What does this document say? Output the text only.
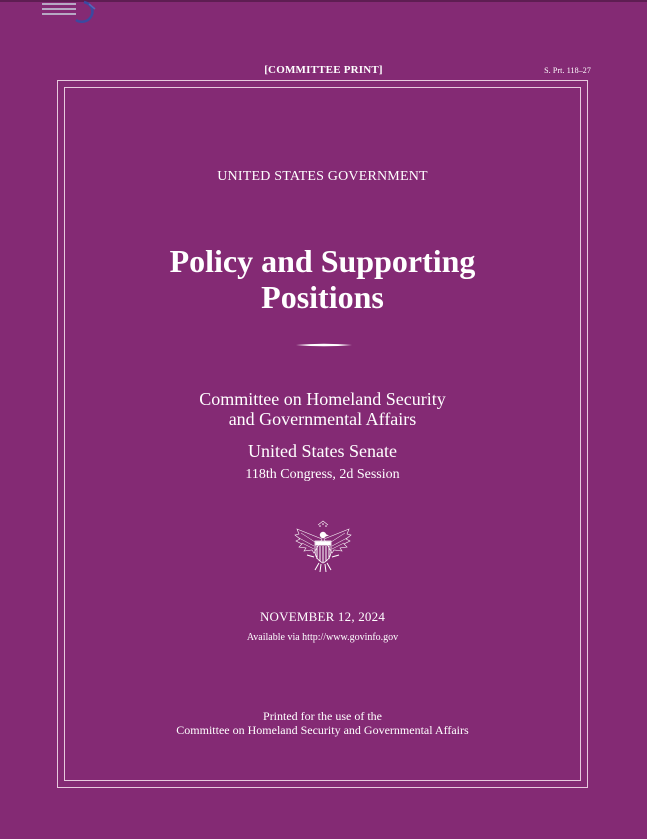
[COMMITTEE PRINT]	S. Prt. 118–27
UNITED STATES GOVERNMENT
Policy and Supporting
Positions
Committee on Homeland Security
and Governmental Affairs
United States Senate
118th Congress, 2d Session
NOVEMBER 12, 2024
Available via http://www.govinfo.gov
Printed for the use of the
Committee on Homeland Security and Governmental Affairs
